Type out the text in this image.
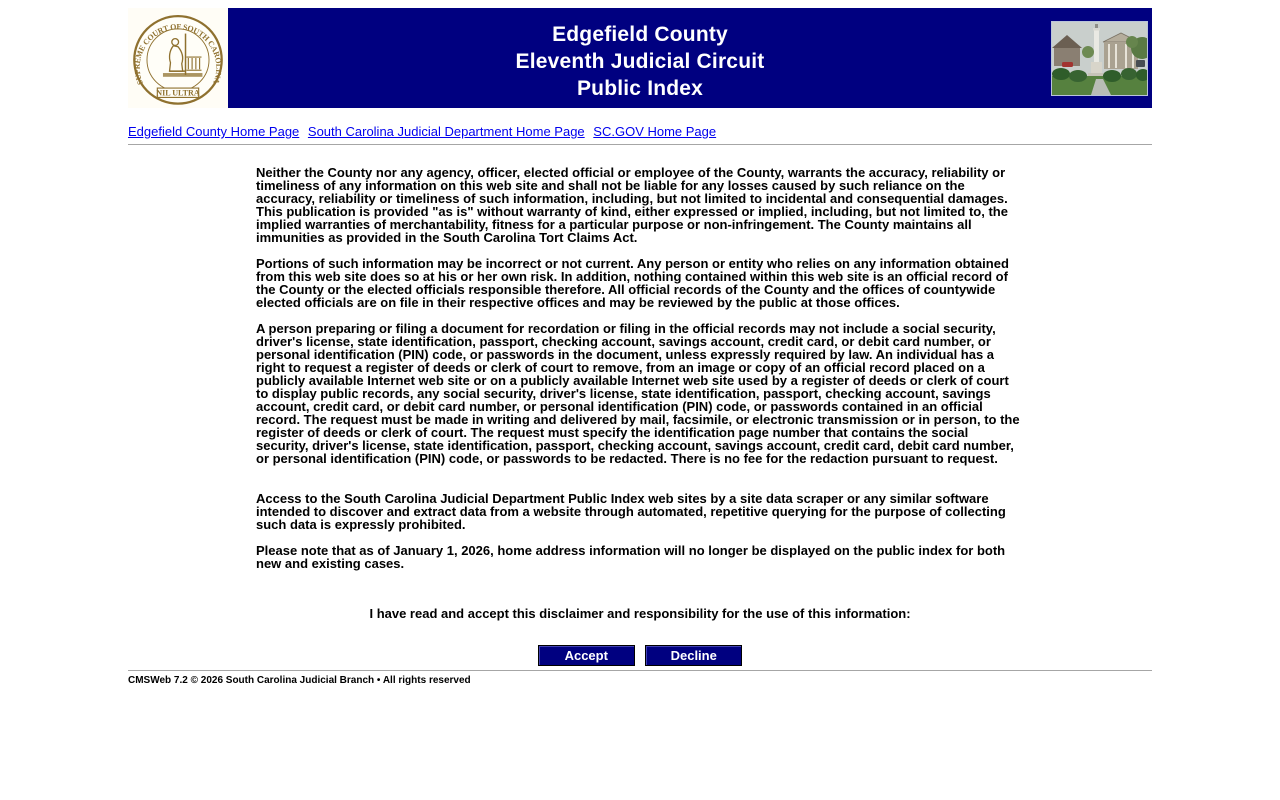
SUPREME COURT OF SOUTH CAROLINA
NIL ULTRA
Edgefield County
Eleventh Judicial Circuit
Public Index
Edgefield County Home Page South Carolina Judicial Department Home Page SC.GOV Home Page

Neither the County nor any agency, officer, elected official or employee of the County, warrants the accuracy, reliability or timeliness of any information on this web site and shall not be liable for any losses caused by such reliance on the accuracy, reliability or timeliness of such information, including, but not limited to incidental and consequential damages. This publication is provided "as is" without warranty of kind, either expressed or implied, including, but not limited to, the implied warranties of merchantability, fitness for a particular purpose or non-infringement. The County maintains all immunities as provided in the South Carolina Tort Claims Act.

Portions of such information may be incorrect or not current. Any person or entity who relies on any information obtained from this web site does so at his or her own risk. In addition, nothing contained within this web site is an official record of the County or the elected officials responsible therefore. All official records of the County and the offices of countywide elected officials are on file in their respective offices and may be reviewed by the public at those offices.

A person preparing or filing a document for recordation or filing in the official records may not include a social security, driver's license, state identification, passport, checking account, savings account, credit card, or debit card number, or personal identification (PIN) code, or passwords in the document, unless expressly required by law. An individual has a right to request a register of deeds or clerk of court to remove, from an image or copy of an official record placed on a publicly available Internet web site or on a publicly available Internet web site used by a register of deeds or clerk of court to display public records, any social security, driver's license, state identification, passport, checking account, savings account, credit card, or debit card number, or personal identification (PIN) code, or passwords contained in an official record. The request must be made in writing and delivered by mail, facsimile, or electronic transmission or in person, to the register of deeds or clerk of court. The request must specify the identification page number that contains the social security, driver's license, state identification, passport, checking account, savings account, credit card, debit card number, or personal identification (PIN) code, or passwords to be redacted. There is no fee for the redaction pursuant to request.

Access to the South Carolina Judicial Department Public Index web sites by a site data scraper or any similar software intended to discover and extract data from a website through automated, repetitive querying for the purpose of collecting such data is expressly prohibited.

Please note that as of January 1, 2026, home address information will no longer be displayed on the public index for both new and existing cases.

I have read and accept this disclaimer and responsibility for the use of this information:
Accept	Decline
CMSWeb 7.2 © 2026 South Carolina Judicial Branch • All rights reserved
